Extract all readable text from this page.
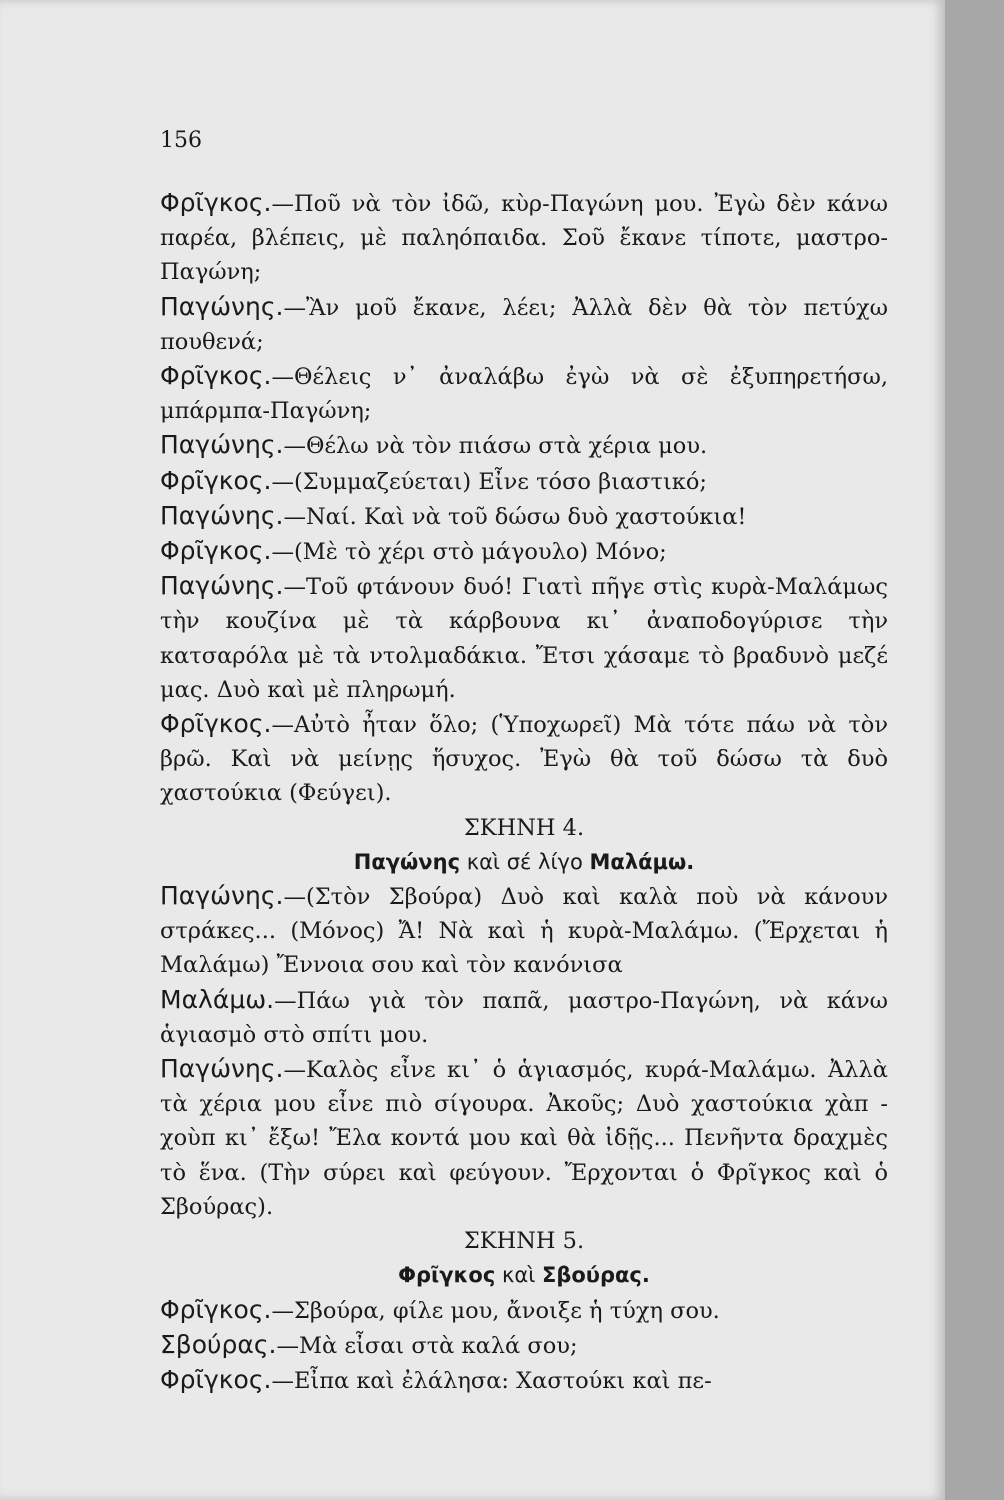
156

Φρῖγκος.—Ποῦ νὰ τὸν ἰδῶ, κὺρ-Παγώνη μου. Ἐγὼ δὲν κάνω παρέα, βλέπεις, μὲ παληόπαιδα. Σοῦ ἔκανε τίποτε, μαστρο-Παγώνη;

Παγώνης.—Ἂν μοῦ ἔκανε, λέει; Ἀλλὰ δὲν θὰ τὸν πετύχω πουθενά;

Φρῖγκος.—Θέλεις ν᾿ ἀναλάβω ἐγὼ νὰ σὲ ἐξυπηρετήσω, μπάρμπα-Παγώνη;

Παγώνης.—Θέλω νὰ τὸν πιάσω στὰ χέρια μου.

Φρῖγκος.—(Συμμαζεύεται) Εἶνε τόσο βιαστικό;

Παγώνης.—Ναί. Καὶ νὰ τοῦ δώσω δυὸ χαστούκια!

Φρῖγκος.—(Μὲ τὸ χέρι στὸ μάγουλο) Μόνο;

Παγώνης.—Τοῦ φτάνουν δυό! Γιατὶ πῆγε στὶς κυρὰ-Μαλάμως τὴν κουζίνα μὲ τὰ κάρβουνα κι᾿ ἀναποδογύρισε τὴν κατσαρόλα μὲ τὰ ντολμαδάκια. Ἔτσι χάσαμε τὸ βραδυνὸ μεζέ μας. Δυὸ καὶ μὲ πληρωμή.

Φρῖγκος.—Αὐτὸ ἦταν ὅλο; (Ὑποχωρεῖ) Μὰ τότε πάω νὰ τὸν βρῶ. Καὶ νὰ μείνῃς ἥσυχος. Ἐγὼ θὰ τοῦ δώσω τὰ δυὸ χαστούκια (Φεύγει).

ΣΚΗΝΗ 4.

Παγώνης καὶ σέ λίγο Μαλάμω.

Παγώνης.—(Στὸν Σβούρα) Δυὸ καὶ καλὰ ποὺ νὰ κάνουν στράκες... (Μόνος) Ἄ! Νὰ καὶ ἡ κυρὰ-Μαλάμω. (Ἔρχεται ἡ Μαλάμω) Ἔννοια σου καὶ τὸν κανόνισα

Μαλάμω.—Πάω γιὰ τὸν παπᾶ, μαστρο-Παγώνη, νὰ κάνω ἁγιασμὸ στὸ σπίτι μου.

Παγώνης.—Καλὸς εἶνε κι᾿ ὁ ἁγιασμός, κυρά-Μαλάμω. Ἀλλὰ τὰ χέρια μου εἶνε πιὸ σίγουρα. Ἀκοῦς; Δυὸ χαστούκια χὰπ - χοὺπ κι᾿ ἔξω! Ἔλα κοντά μου καὶ θὰ ἰδῇς... Πενῆντα δραχμὲς τὸ ἕνα. (Τὴν σύρει καὶ φεύγουν. Ἔρχονται ὁ Φρῖγκος καὶ ὁ Σβούρας).

ΣΚΗΝΗ 5.

Φρῖγκος καὶ Σβούρας.

Φρῖγκος.—Σβούρα, φίλε μου, ἄνοιξε ἡ τύχη σου.

Σβούρας.—Μὰ εἶσαι στὰ καλά σου;

Φρῖγκος.—Εἶπα καὶ ἐλάλησα: Χαστούκι καὶ πε-
